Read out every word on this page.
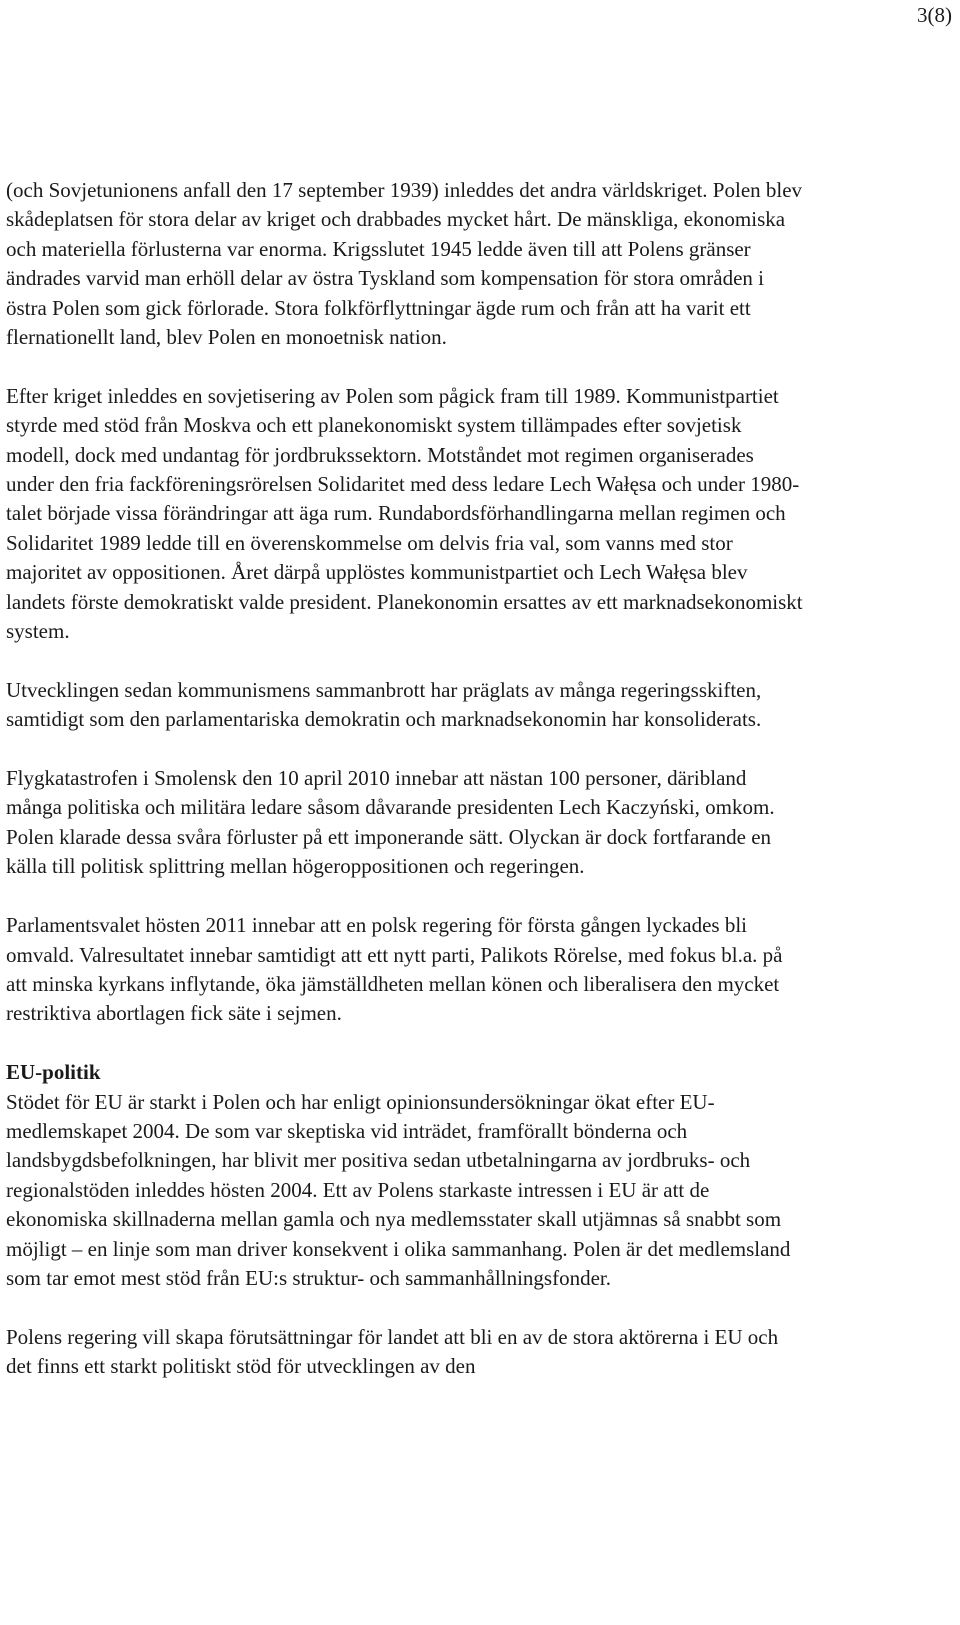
3(8)

(och Sovjetunionens anfall den 17 september 1939) inleddes det andra världskriget. Polen blev skådeplatsen för stora delar av kriget och drabbades mycket hårt. De mänskliga, ekonomiska och materiella förlusterna var enorma. Krigsslutet 1945 ledde även till att Polens gränser ändrades varvid man erhöll delar av östra Tyskland som kompensation för stora områden i östra Polen som gick förlorade. Stora folkförflyttningar ägde rum och från att ha varit ett flernationellt land, blev Polen en monoetnisk nation.

Efter kriget inleddes en sovjetisering av Polen som pågick fram till 1989. Kommunistpartiet styrde med stöd från Moskva och ett planekonomiskt system tillämpades efter sovjetisk modell, dock med undantag för jordbrukssektorn. Motståndet mot regimen organiserades under den fria fackföreningsrörelsen Solidaritet med dess ledare Lech Wałęsa och under 1980-talet började vissa förändringar att äga rum. Rundabordsförhandlingarna mellan regimen och Solidaritet 1989 ledde till en överenskommelse om delvis fria val, som vanns med stor majoritet av oppositionen. Året därpå upplöstes kommunistpartiet och Lech Wałęsa blev landets förste demokratiskt valde president. Planekonomin ersattes av ett marknadsekonomiskt system.

Utvecklingen sedan kommunismens sammanbrott har präglats av många regeringsskiften, samtidigt som den parlamentariska demokratin och marknadsekonomin har konsoliderats.

Flygkatastrofen i Smolensk den 10 april 2010 innebar att nästan 100 personer, däribland många politiska och militära ledare såsom dåvarande presidenten Lech Kaczyński, omkom. Polen klarade dessa svåra förluster på ett imponerande sätt. Olyckan är dock fortfarande en källa till politisk splittring mellan högeroppositionen och regeringen.

Parlamentsvalet hösten 2011 innebar att en polsk regering för första gången lyckades bli omvald. Valresultatet innebar samtidigt att ett nytt parti, Palikots Rörelse, med fokus bl.a. på att minska kyrkans inflytande, öka jämställdheten mellan könen och liberalisera den mycket restriktiva abortlagen fick säte i sejmen.

EU-politik
Stödet för EU är starkt i Polen och har enligt opinionsundersökningar ökat efter EU-medlemskapet 2004. De som var skeptiska vid inträdet, framförallt bönderna och landsbygdsbefolkningen, har blivit mer positiva sedan utbetalningarna av jordbruks- och regionalstöden inleddes hösten 2004. Ett av Polens starkaste intressen i EU är att de ekonomiska skillnaderna mellan gamla och nya medlemsstater skall utjämnas så snabbt som möjligt – en linje som man driver konsekvent i olika sammanhang. Polen är det medlemsland som tar emot mest stöd från EU:s struktur- och sammanhållningsfonder.

Polens regering vill skapa förutsättningar för landet att bli en av de stora aktörerna i EU och det finns ett starkt politiskt stöd för utvecklingen av den
